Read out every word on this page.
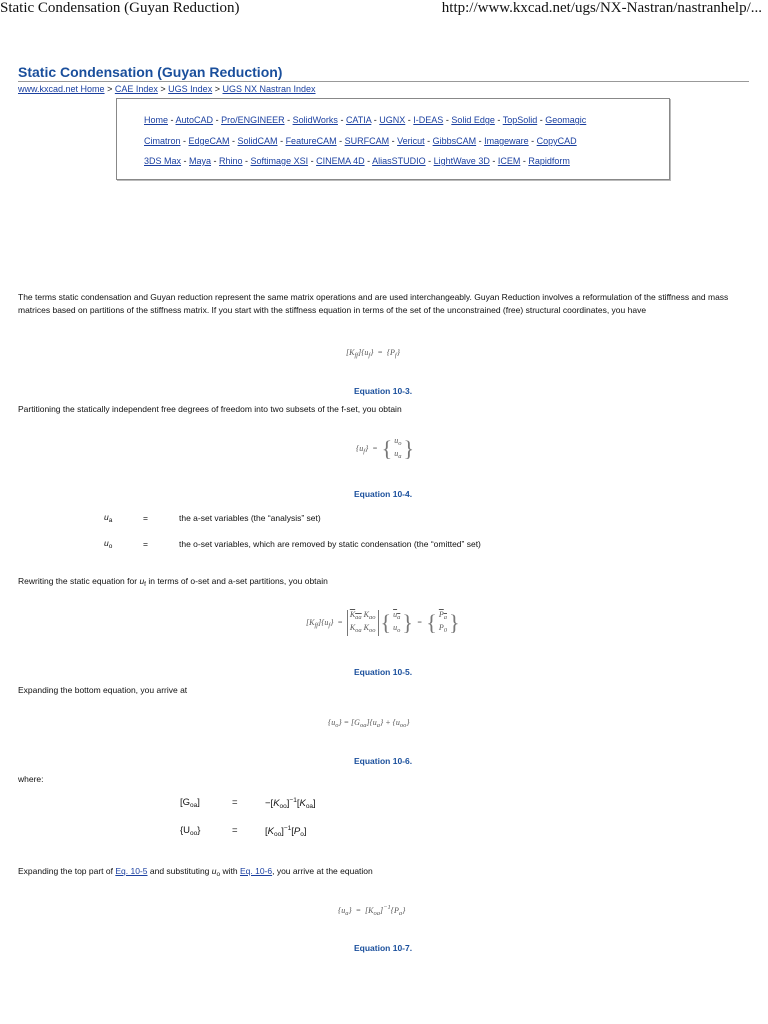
Static Condensation (Guyan Reduction)	http://www.kxcad.net/ugs/NX-Nastran/nastranhelp/...
Static Condensation (Guyan Reduction)
www.kxcad.net Home > CAE Index > UGS Index > UGS NX Nastran Index
Home - AutoCAD - Pro/ENGINEER - SolidWorks - CATIA - UGNX - I-DEAS - Solid Edge - TopSolid - Geomagic
Cimatron - EdgeCAM - SolidCAM - FeatureCAM - SURFCAM - Vericut - GibbsCAM - Imageware - CopyCAD
3DS Max - Maya - Rhino - Softimage XSI - CINEMA 4D - AliasSTUDIO - LightWave 3D - ICEM - Rapidform
The terms static condensation and Guyan reduction represent the same matrix operations and are used interchangeably. Guyan Reduction involves a reformulation of the stiffness and mass matrices based on partitions of the stiffness matrix. If you start with the stiffness equation in terms of the set of the unconstrained (free) structural coordinates, you have
$[K_{ff}]\{u_f\} = \{P_f\}$
Equation 10-3.
Partitioning the statically independent free degrees of freedom into two subsets of the f-set, you obtain
$\{u_f\}$  =  { $u_o$
$u_a$}
Equation 10-4.
$u_a$	=	the a-set variables (the “analysis” set)
$u_o$	=	the o-set variables, which are removed by static condensation (the “omitted” set)
Rewriting the static equation for $u_f$ in terms of o-set and a-set partitions, you obtain
$[K_{ff}]\{u_f\} = K_{aa}$ $K_{ao}$
$K_{oa}$ $K_{oo}$ { $u_a$
$u_o$}  =  { $P_a$
$P_0$}
Equation 10-5.
Expanding the bottom equation, you arrive at
$\{u_o\} = [G_{oa}]\{u_a\} + \{u_{oo}\}$
Equation 10-6.
where:
$[G_{oa}]$	=	$-[K_{oo}]^{-1}[K_{oa}]$
$\{U_{oo}\}$	=	$[K_{oo}]^{-1}[P_o]$
Expanding the top part of Eq. 10-5 and substituting $u_o$ with Eq. 10-6, you arrive at the equation
$\{u_a\} = [K_{oa}]^{-1}\{P_a\}$
Equation 10-7.
